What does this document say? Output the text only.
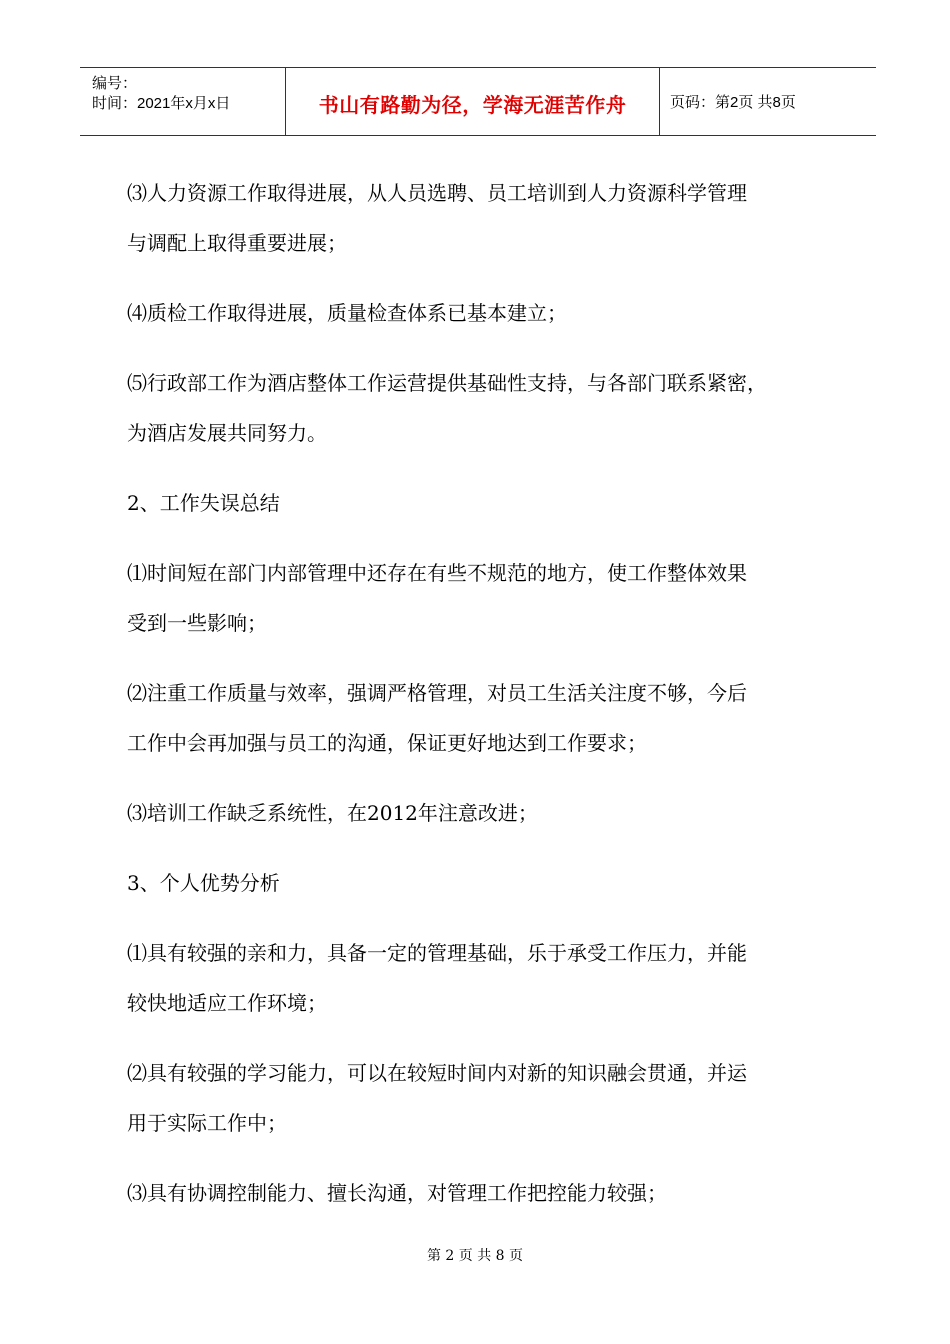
编号：
时间：2021年x月x日	书山有路勤为径，学海无涯苦作舟	页码：第2页 共8页
⑶人力资源工作取得进展，从人员选聘、员工培训到人力资源科学管理
与调配上取得重要进展；
⑷质检工作取得进展，质量检查体系已基本建立；
⑸行政部工作为酒店整体工作运营提供基础性支持，与各部门联系紧密，
为酒店发展共同努力。
2、工作失误总结
⑴时间短在部门内部管理中还存在有些不规范的地方，使工作整体效果
受到一些影响；
⑵注重工作质量与效率，强调严格管理，对员工生活关注度不够，今后
工作中会再加强与员工的沟通，保证更好地达到工作要求；
⑶培训工作缺乏系统性，在2012年注意改进；
3、个人优势分析
⑴具有较强的亲和力，具备一定的管理基础，乐于承受工作压力，并能
较快地适应工作环境；
⑵具有较强的学习能力，可以在较短时间内对新的知识融会贯通，并运
用于实际工作中；
⑶具有协调控制能力、擅长沟通，对管理工作把控能力较强；
第 2 页 共 8 页
